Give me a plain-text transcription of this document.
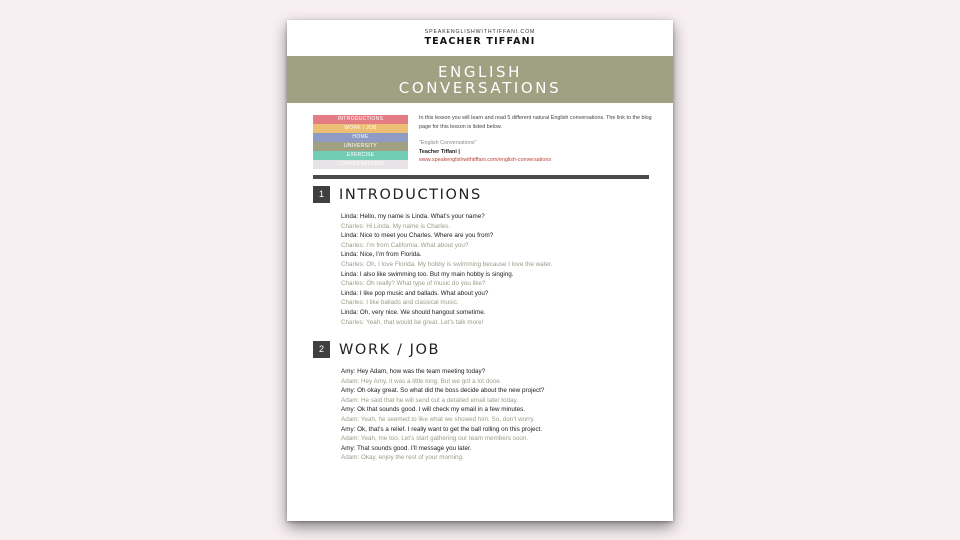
SPEAKENGLISHWITHTIFFANI.COM
TEACHER TIFFANI
ENGLISH
CONVERSATIONS
INTRODUCTIONS
WORK / JOB
HOME
UNIVERSITY
EXERCISE
CONVERSATIONS
In this lesson you will learn and read 5 different natural English conversations. The link to the blog page for this lesson is listed below.
"English Conversations"
Teacher Tiffani |
www.speakenglishwithtiffani.com/english-conversations
1 INTRODUCTIONS
Linda: Hello, my name is Linda. What’s your name?
Charles: Hi Linda. My name is Charles.
Linda: Nice to meet you Charles. Where are you from?
Charles: I’m from California. What about you?
Linda: Nice, I’m from Florida.
Charles: Oh, I love Florida. My hobby is swimming because I love the water.
Linda: I also like swimming too. But my main hobby is singing.
Charles: Oh really? What type of music do you like?
Linda: I like pop music and ballads. What about you?
Charles: I like ballads and classical music.
Linda: Oh, very nice. We should hangout sometime.
Charles: Yeah, that would be great. Let’s talk more!
2 WORK / JOB
Amy: Hey Adam, how was the team meeting today?
Adam: Hey Amy, it was a little long. But we got a lot done.
Amy: Oh okay great. So what did the boss decide about the new project?
Adam: He said that he will send out a detailed email later today.
Amy: Ok that sounds good. I will check my email in a few minutes.
Adam: Yeah, he seemed to like what we showed him. So, don’t worry.
Amy: Ok, that’s a relief. I really want to get the ball rolling on this project.
Adam: Yeah, me too. Let’s start gathering our team members soon.
Amy: That sounds good. I’ll message you later.
Adam: Okay, enjoy the rest of your morning.
